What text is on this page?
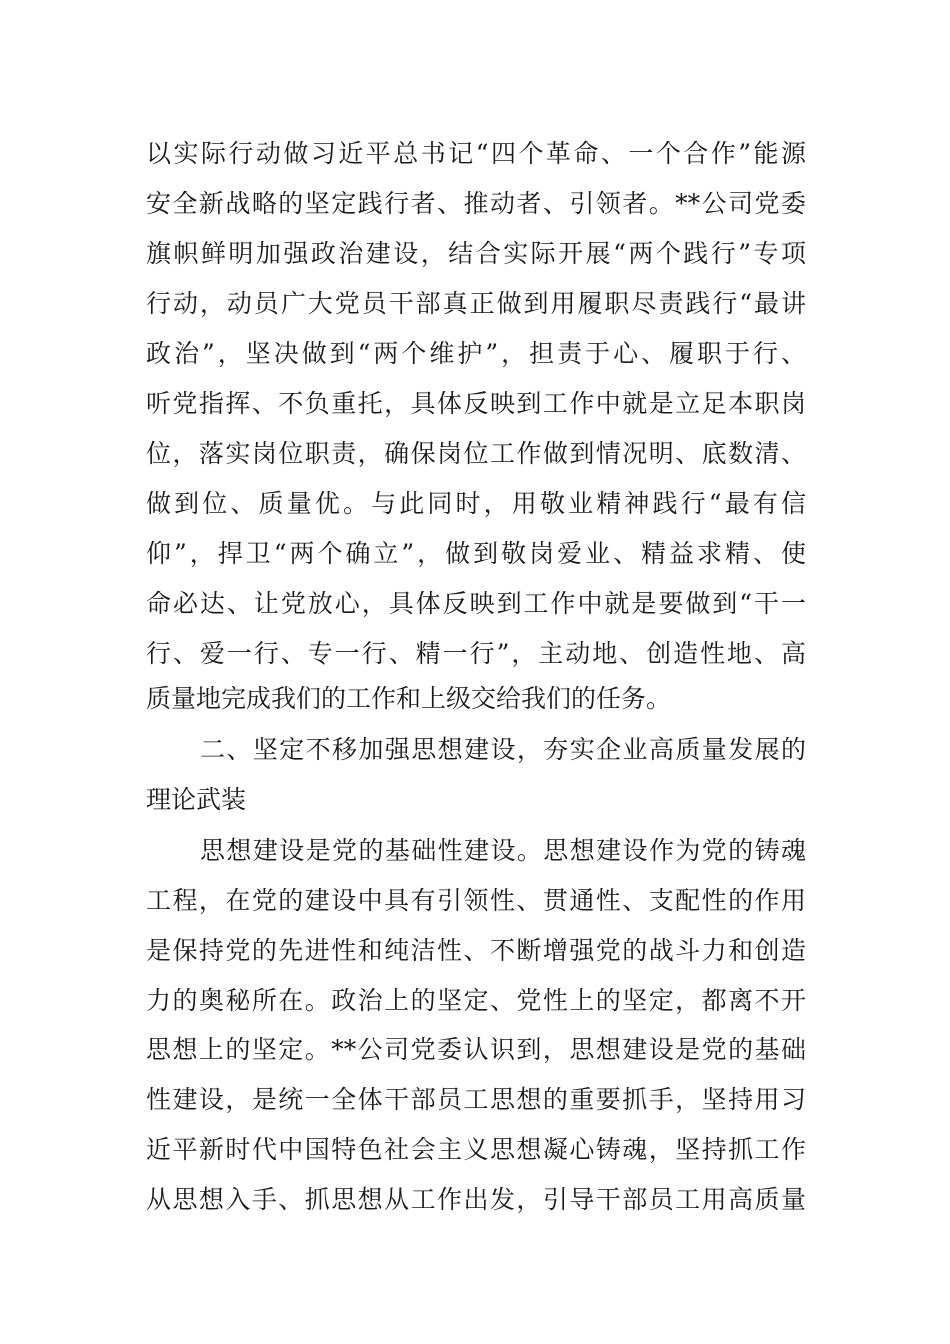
以实际行动做习近平总书记“四个革命、一个合作”能源
安全新战略的坚定践行者、推动者、引领者。**公司党委
旗帜鲜明加强政治建设，结合实际开展“两个践行”专项
行动，动员广大党员干部真正做到用履职尽责践行“最讲
政治”，坚决做到“两个维护”，担责于心、履职于行、
听党指挥、不负重托，具体反映到工作中就是立足本职岗
位，落实岗位职责，确保岗位工作做到情况明、底数清、
做到位、质量优。与此同时，用敬业精神践行“最有信
仰”，捍卫“两个确立”，做到敬岗爱业、精益求精、使
命必达、让党放心，具体反映到工作中就是要做到“干一
行、爱一行、专一行、精一行”，主动地、创造性地、高
质量地完成我们的工作和上级交给我们的任务。
二、坚定不移加强思想建设，夯实企业高质量发展的
理论武装
思想建设是党的基础性建设。思想建设作为党的铸魂
工程，在党的建设中具有引领性、贯通性、支配性的作用
是保持党的先进性和纯洁性、不断增强党的战斗力和创造
力的奥秘所在。政治上的坚定、党性上的坚定，都离不开
思想上的坚定。**公司党委认识到，思想建设是党的基础
性建设，是统一全体干部员工思想的重要抓手，坚持用习
近平新时代中国特色社会主义思想凝心铸魂，坚持抓工作
从思想入手、抓思想从工作出发，引导干部员工用高质量
